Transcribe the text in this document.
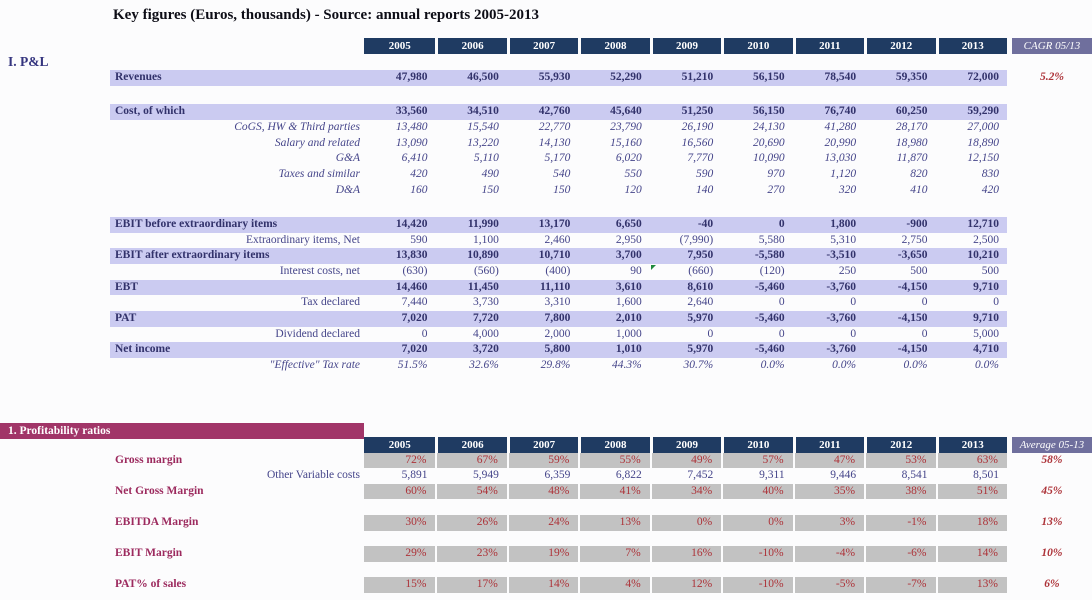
Key figures (Euros, thousands) - Source: annual reports 2005-2013
2005	2006	2007	2008	2009	2010	2011	2012	2013	CAGR 05/13
I. P&L
Revenues	47,980	46,500	55,930	52,290	51,210	56,150	78,540	59,350	72,000	5.2%
Cost, of which	33,560	34,510	42,760	45,640	51,250	56,150	76,740	60,250	59,290
CoGS, HW & Third parties	13,480	15,540	22,770	23,790	26,190	24,130	41,280	28,170	27,000
Salary and related	13,090	13,220	14,130	15,160	16,560	20,690	20,990	18,980	18,890
G&A	6,410	5,110	5,170	6,020	7,770	10,090	13,030	11,870	12,150
Taxes and similar	420	490	540	550	590	970	1,120	820	830
D&A	160	150	150	120	140	270	320	410	420
EBIT before extraordinary items	14,420	11,990	13,170	6,650	-40	0	1,800	-900	12,710
Extraordinary items, Net	590	1,100	2,460	2,950	(7,990)	5,580	5,310	2,750	2,500
EBIT after extraordinary items	13,830	10,890	10,710	3,700	7,950	-5,580	-3,510	-3,650	10,210
Interest costs, net	(630)	(560)	(400)	90	(660)	(120)	250	500	500
EBT	14,460	11,450	11,110	3,610	8,610	-5,460	-3,760	-4,150	9,710
Tax declared	7,440	3,730	3,310	1,600	2,640	0	0	0	0
PAT	7,020	7,720	7,800	2,010	5,970	-5,460	-3,760	-4,150	9,710
Dividend declared	0	4,000	2,000	1,000	0	0	0	0	5,000
Net income	7,020	3,720	5,800	1,010	5,970	-5,460	-3,760	-4,150	4,710
"Effective" Tax rate	51.5%	32.6%	29.8%	44.3%	30.7%	0.0%	0.0%	0.0%	0.0%
1. Profitability ratios
2005	2006	2007	2008	2009	2010	2011	2012	2013	Average 05-13
Gross margin	72%	67%	59%	55%	49%	57%	47%	53%	63%	58%
Other Variable costs	5,891	5,949	6,359	6,822	7,452	9,311	9,446	8,541	8,501
Net Gross Margin	60%	54%	48%	41%	34%	40%	35%	38%	51%	45%
EBITDA Margin	30%	26%	24%	13%	0%	0%	3%	-1%	18%	13%
EBIT Margin	29%	23%	19%	7%	16%	-10%	-4%	-6%	14%	10%
PAT% of sales	15%	17%	14%	4%	12%	-10%	-5%	-7%	13%	6%
